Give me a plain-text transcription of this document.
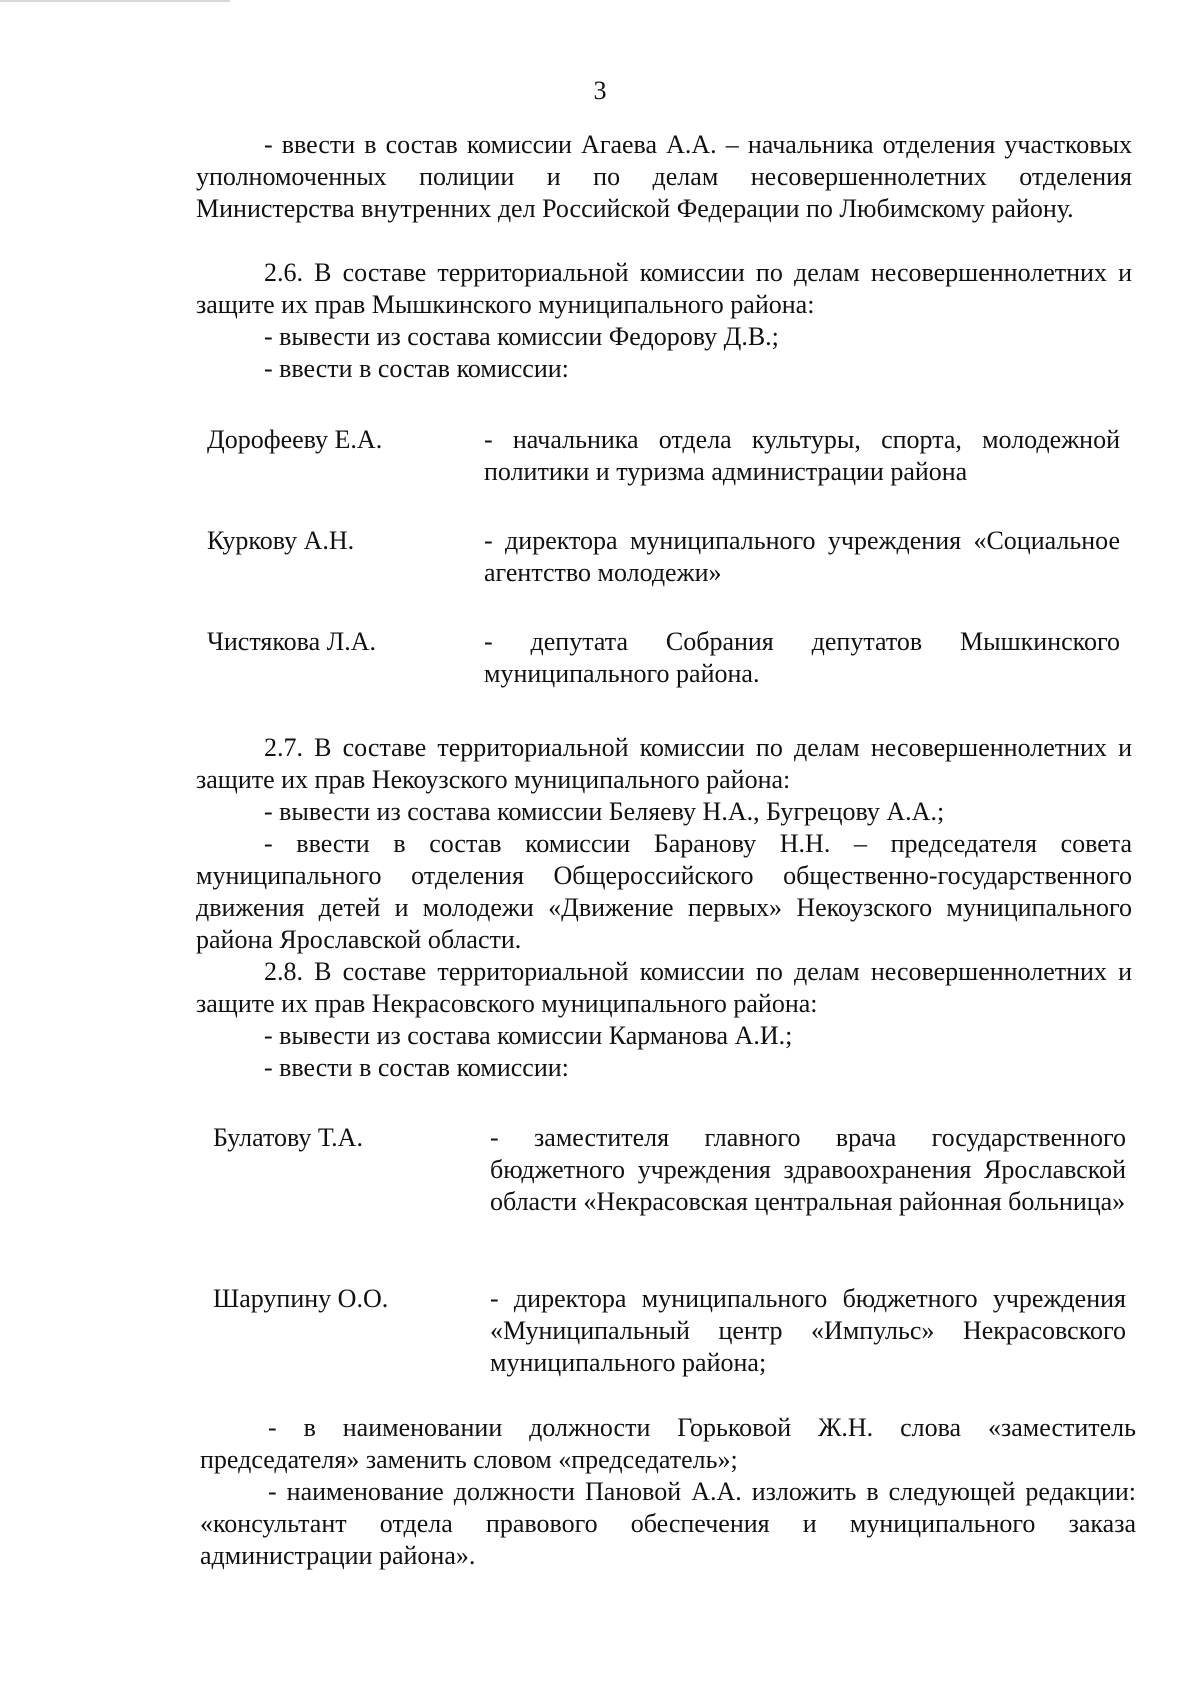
3

- ввести в состав комиссии Агаева А.А. – начальника отделения участковых уполномоченных полиции и по делам несовершеннолетних отделения Министерства внутренних дел Российской Федерации по Любимскому району.

2.6. В составе территориальной комиссии по делам несовершеннолетних и защите их прав Мышкинского муниципального района:

- вывести из состава комиссии Федорову Д.В.;

- ввести в состав комиссии:

Дорофееву Е.А.	- начальника отдела культуры, спорта, молодежной политики и туризма администрации района

Куркову А.Н.	- директора муниципального учреждения «Социальное агентство молодежи»

Чистякова Л.А.	- депутата Собрания депутатов Мышкинского муниципального района.

2.7. В составе территориальной комиссии по делам несовершеннолетних и защите их прав Некоузского муниципального района:

- вывести из состава комиссии Беляеву Н.А., Бугрецову А.А.;

- ввести в состав комиссии Баранову Н.Н. – председателя совета муниципального отделения Общероссийского общественно-государственного движения детей и молодежи «Движение первых» Некоузского муниципального района Ярославской области.

2.8. В составе территориальной комиссии по делам несовершеннолетних и защите их прав Некрасовского муниципального района:

- вывести из состава комиссии Карманова А.И.;

- ввести в состав комиссии:

Булатову Т.А.	- заместителя главного врача государственного бюджетного учреждения здравоохранения Ярославской области «Некрасовская центральная районная больница»

Шарупину О.О.	- директора муниципального бюджетного учреждения «Муниципальный центр «Импульс» Некрасовского муниципального района;

- в наименовании должности Горьковой Ж.Н. слова «заместитель председателя» заменить словом «председатель»;

- наименование должности Пановой А.А. изложить в следующей редакции: «консультант отдела правового обеспечения и муниципального заказа администрации района».
